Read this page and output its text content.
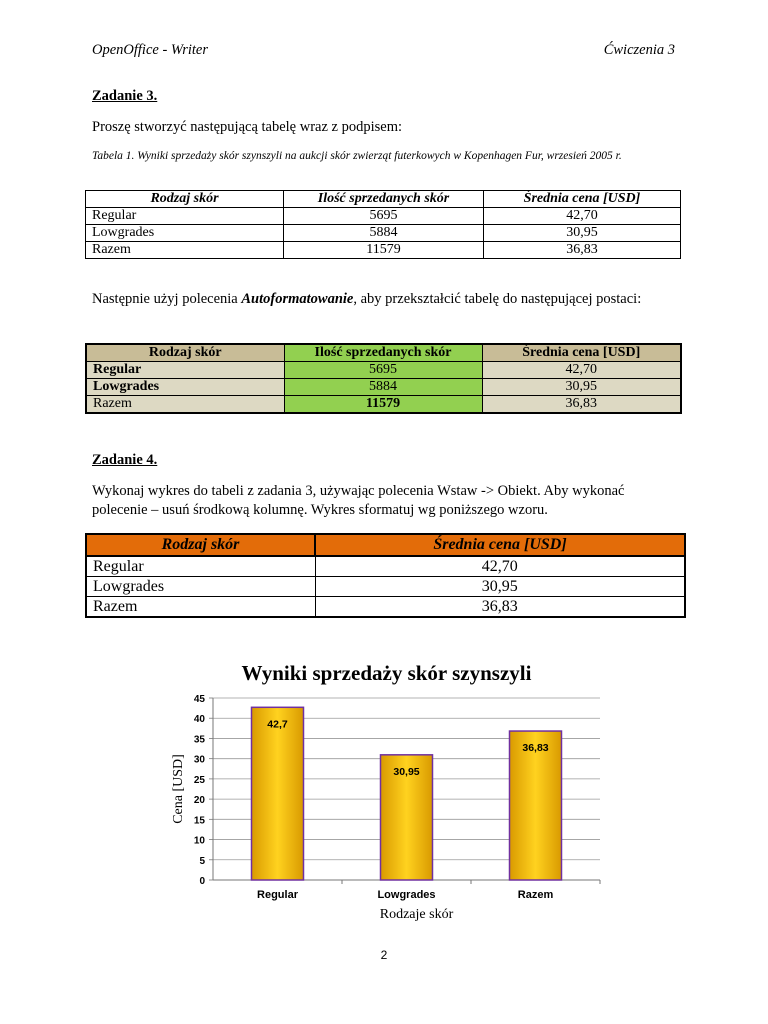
OpenOffice - Writer	Ćwiczenia 3
Zadanie 3.
Proszę stworzyć następującą tabelę wraz z podpisem:
Tabela 1. Wyniki sprzedaży skór szynszyli na aukcji skór zwierząt futerkowych w Kopenhagen Fur, wrzesień 2005 r.
Rodzaj skór	Ilość sprzedanych skór	Średnia cena [USD]
Regular	5695	42,70
Lowgrades	5884	30,95
Razem	11579	36,83
Następnie użyj polecenia Autoformatowanie, aby przekształcić tabelę do następującej postaci:
Rodzaj skór	Ilość sprzedanych skór	Średnia cena [USD]
Regular	5695	42,70
Lowgrades	5884	30,95
Razem	11579	36,83
Zadanie 4.
Wykonaj wykres do tabeli z zadania 3, używając polecenia Wstaw -> Obiekt. Aby wykonać polecenie – usuń środkową kolumnę. Wykres sformatuj wg poniższego wzoru.
Rodzaj skór	Średnia cena [USD]
Regular	42,70
Lowgrades	30,95
Razem	36,83
Wyniki sprzedaży skór szynszyli
0
5
10
15
20
25
30
35
40
45
42,7
Regular
30,95
Lowgrades
36,83
Razem
Rodzaje skór
Cena [USD]
2
